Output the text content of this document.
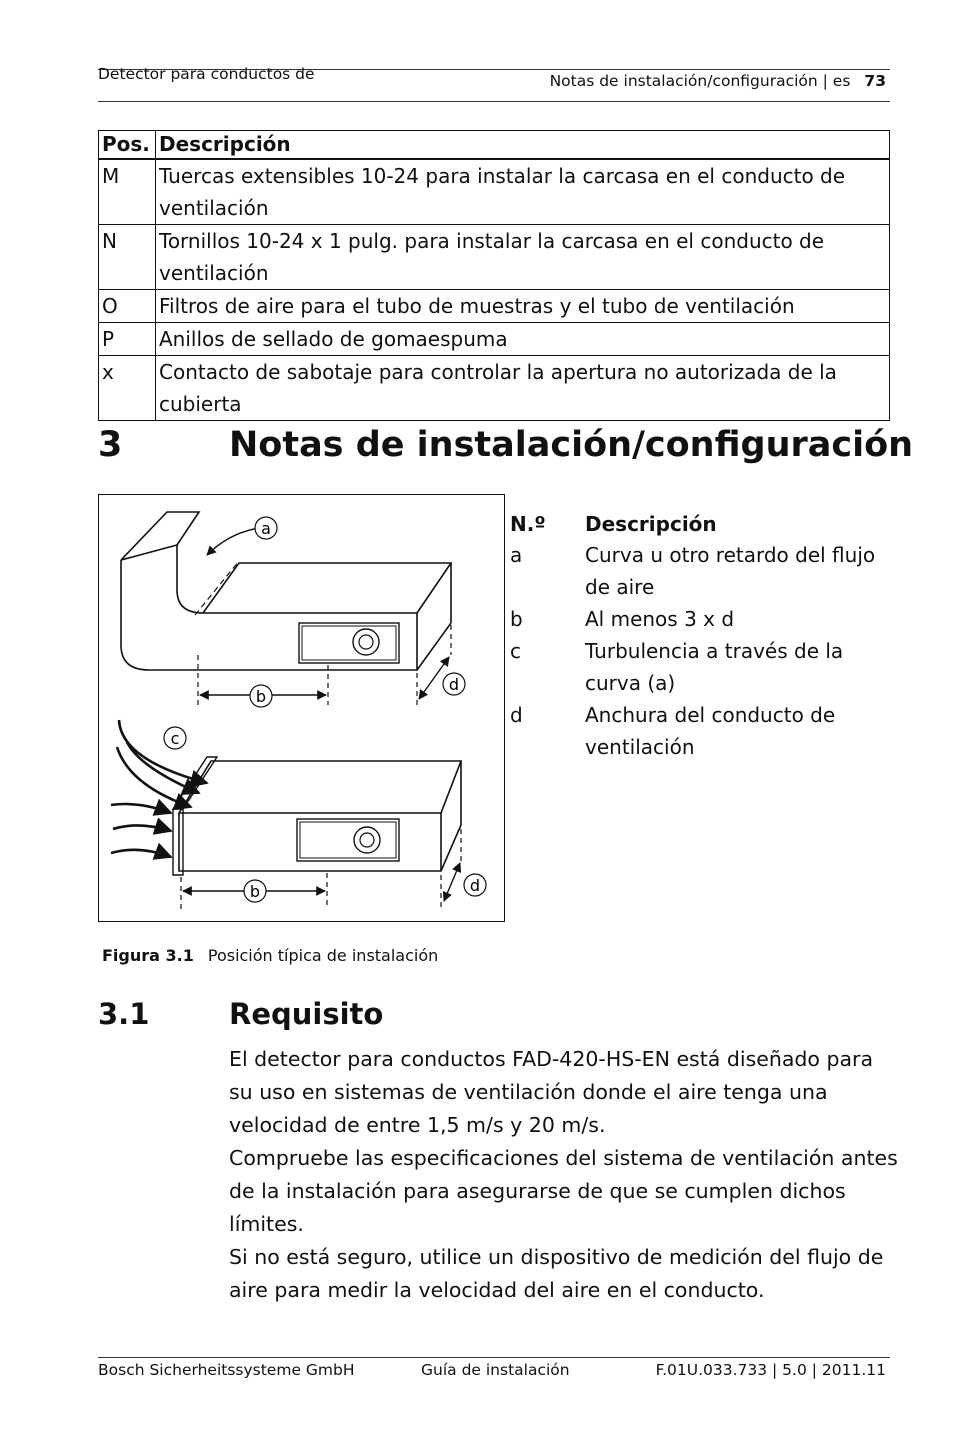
Detector para conductos de	Notas de instalación/configuración | es 73
Pos.	Descripción
M	Tuercas extensibles 10-24 para instalar la carcasa en el conducto de ventilación
N	Tornillos 10-24 x 1 pulg. para instalar la carcasa en el conducto de ventilación
O	Filtros de aire para el tubo de muestras y el tubo de ventilación
P	Anillos de sellado de gomaespuma
x	Contacto de sabotaje para controlar la apertura no autorizada de la cubierta
3	Notas de instalación/configuración
a
b
d
c
b	d
N.º	Descripción
a	Curva u otro retardo del flujo de aire
b	Al menos 3 x d
c	Turbulencia a través de la curva (a)
d	Anchura del conducto de ventilación
Figura 3.1 Posición típica de instalación
3.1	Requisito

El detector para conductos FAD-420-HS-EN está diseñado para su uso en sistemas de ventilación donde el aire tenga una velocidad de entre 1,5 m/s y 20 m/s.

Compruebe las especificaciones del sistema de ventilación antes de la instalación para asegurarse de que se cumplen dichos límites.

Si no está seguro, utilice un dispositivo de medición del flujo de aire para medir la velocidad del aire en el conducto.

Bosch Sicherheitssysteme GmbH	Guía de instalación	F.01U.033.733 | 5.0 | 2011.11
